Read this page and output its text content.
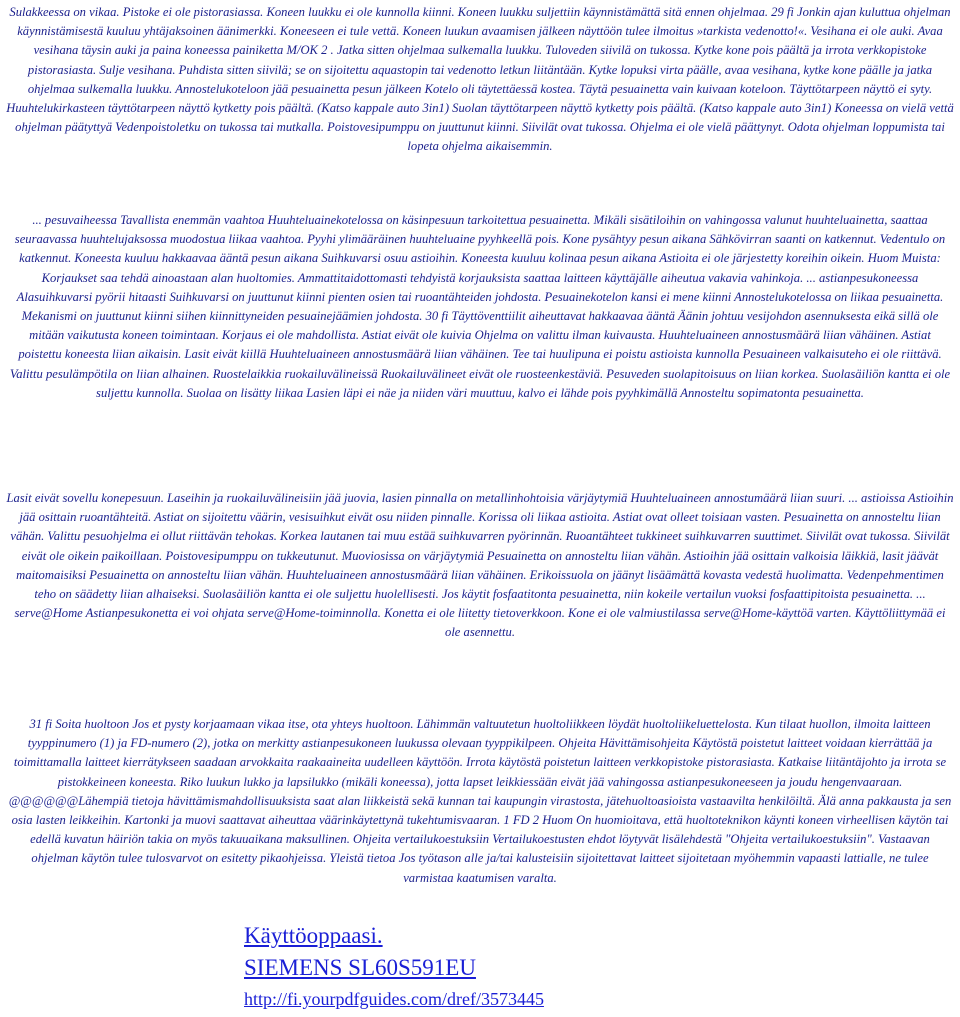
Sulakkeessa on vikaa. Pistoke ei ole pistorasiassa. Koneen luukku ei ole kunnolla kiinni. Koneen luukku suljettiin käynnistämättä sitä ennen ohjelmaa. 29 fi Jonkin ajan kuluttua ohjelman käynnistämisestä kuuluu yhtäjaksoinen äänimerkki. Koneeseen ei tule vettä. Koneen luukun avaamisen jälkeen näyttöön tulee ilmoitus »tarkista vedenotto!«. Vesihana ei ole auki. Avaa vesihana täysin auki ja paina koneessa painiketta M/OK 2 . Jatka sitten ohjelmaa sulkemalla luukku. Tuloveden siivilä on tukossa. Kytke kone pois päältä ja irrota verkkopistoke pistorasiasta. Sulje vesihana. Puhdista sitten siivilä; se on sijoitettu aquastopin tai vedenotto letkun liitäntään. Kytke lopuksi virta päälle, avaa vesihana, kytke kone päälle ja jatka ohjelmaa sulkemalla luukku. Annostelukoteloon jää pesuainetta pesun jälkeen Kotelo oli täytettäessä kostea. Täytä pesuainetta vain kuivaan koteloon. Täyttötarpeen näyttö ei syty. Huuhtelukirkasteen täyttötarpeen näyttö kytketty pois päältä. (Katso kappale auto 3in1) Suolan täyttötarpeen näyttö kytketty pois päältä. (Katso kappale auto 3in1) Koneessa on vielä vettä ohjelman päätyttyä Vedenpoistoletku on tukossa tai mutkalla. Poistovesipumppu on juuttunut kiinni. Siivilät ovat tukossa. Ohjelma ei ole vielä päättynyt. Odota ohjelman loppumista tai lopeta ohjelma aikaisemmin.

... pesuvaiheessa Tavallista enemmän vaahtoa Huuhteluainekotelossa on käsinpesuun tarkoitettua pesuainetta. Mikäli sisätiloihin on vahingossa valunut huuhteluainetta, saattaa seuraavassa huuhtelujaksossa muodostua liikaa vaahtoa. Pyyhi ylimääräinen huuhteluaine pyyhkeellä pois. Kone pysähtyy pesun aikana Sähkövirran saanti on katkennut. Vedentulo on katkennut. Koneesta kuuluu hakkaavaa ääntä pesun aikana Suihkuvarsi osuu astioihin. Koneesta kuuluu kolinaa pesun aikana Astioita ei ole järjestetty koreihin oikein. Huom Muista: Korjaukset saa tehdä ainoastaan alan huoltomies. Ammattitaidottomasti tehdyistä korjauksista saattaa laitteen käyttäjälle aiheutua vakavia vahinkoja. ... astianpesukoneessa Alasuihkuvarsi pyörii hitaasti Suihkuvarsi on juuttunut kiinni pienten osien tai ruoantähteiden johdosta. Pesuainekotelon kansi ei mene kiinni Annostelukotelossa on liikaa pesuainetta. Mekanismi on juuttunut kiinni siihen kiinnittyneiden pesuainejäämien johdosta. 30 fi Täyttöventtiilit aiheuttavat hakkaavaa ääntä Äänin johtuu vesijohdon asennuksesta eikä sillä ole mitään vaikutusta koneen toimintaan. Korjaus ei ole mahdollista. Astiat eivät ole kuivia Ohjelma on valittu ilman kuivausta. Huuhteluaineen annostusmäärä liian vähäinen. Astiat poistettu koneesta liian aikaisin. Lasit eivät kiillä Huuhteluaineen annostusmäärä liian vähäinen. Tee tai huulipuna ei poistu astioista kunnolla Pesuaineen valkaisuteho ei ole riittävä. Valittu pesulämpötila on liian alhainen. Ruostelaikkia ruokailuvälineissä Ruokailuvälineet eivät ole ruosteenkestäviä. Pesuveden suolapitoisuus on liian korkea. Suolasäiliön kantta ei ole suljettu kunnolla. Suolaa on lisätty liikaa Lasien läpi ei näe ja niiden väri muuttuu, kalvo ei lähde pois pyyhkimällä Annosteltu sopimatonta pesuainetta.

Lasit eivät sovellu konepesuun. Laseihin ja ruokailuvälineisiin jää juovia, lasien pinnalla on metallinhohtoisia värjäytymiä Huuhteluaineen annostumäärä liian suuri. ... astioissa Astioihin jää osittain ruoantähteitä. Astiat on sijoitettu väärin, vesisuihkut eivät osu niiden pinnalle. Korissa oli liikaa astioita. Astiat ovat olleet toisiaan vasten. Pesuainetta on annosteltu liian vähän. Valittu pesuohjelma ei ollut riittävän tehokas. Korkea lautanen tai muu estää suihkuvarren pyörinnän. Ruoantähteet tukkineet suihkuvarren suuttimet. Siivilät ovat tukossa. Siivilät eivät ole oikein paikoillaan. Poistovesipumppu on tukkeutunut. Muoviosissa on värjäytymiä Pesuainetta on annosteltu liian vähän. Astioihin jää osittain valkoisia läikkiä, lasit jäävät maitomaisiksi Pesuainetta on annosteltu liian vähän. Huuhteluaineen annostusmäärä liian vähäinen. Erikoissuola on jäänyt lisäämättä kovasta vedestä huolimatta. Vedenpehmentimen teho on säädetty liian alhaiseksi. Suolasäiliön kantta ei ole suljettu huolellisesti. Jos käytit fosfaatitonta pesuainetta, niin kokeile vertailun vuoksi fosfaattipitoista pesuainetta. ... serve@Home Astianpesukonetta ei voi ohjata serve@Home-toiminnolla. Konetta ei ole liitetty tietoverkkoon. Kone ei ole valmiustilassa serve@Home-käyttöä varten. Käyttöliittymää ei ole asennettu.

31 fi Soita huoltoon Jos et pysty korjaamaan vikaa itse, ota yhteys huoltoon. Lähimmän valtuutetun huoltoliikkeen löydät huoltoliikeluettelosta. Kun tilaat huollon, ilmoita laitteen tyyppinumero (1) ja FD-numero (2), jotka on merkitty astianpesukoneen luukussa olevaan tyyppikilpeen. Ohjeita Hävittämisohjeita Käytöstä poistetut laitteet voidaan kierrättää ja toimittamalla laitteet kierrätykseen saadaan arvokkaita raakaaineita uudelleen käyttöön. Irrota käytöstä poistetun laitteen verkkopistoke pistorasiasta. Katkaise liitäntäjohto ja irrota se pistokkeineen koneesta. Riko luukun lukko ja lapsilukko (mikäli koneessa), jotta lapset leikkiessään eivät jää vahingossa astianpesukoneeseen ja joudu hengenvaaraan. @@@@@@Lähempiä tietoja hävittämismahdollisuuksista saat alan liikkeistä sekä kunnan tai kaupungin virastosta, jätehuoltoasioista vastaavilta henkilöiltä. Älä anna pakkausta ja sen osia lasten leikkeihin. Kartonki ja muovi saattavat aiheuttaa väärinkäytettynä tukehtumisvaaran. 1 FD 2 Huom On huomioitava, että huoltoteknikon käynti koneen virheellisen käytön tai edellä kuvatun häiriön takia on myös takuuaikana maksullinen. Ohjeita vertailukoestuksiin Vertailukoestusten ehdot löytyvät lisälehdestä "Ohjeita vertailukoestuksiin". Vastaavan ohjelman käytön tulee tulosvarvot on esitetty pikaohjeissa. Yleistä tietoa Jos työtason alle ja/tai kalusteisiin sijoitettavat laitteet sijoitetaan myöhemmin vapaasti lattialle, ne tulee varmistaa kaatumisen varalta.

Käyttöoppaasi.
SIEMENS SL60S591EU
http://fi.yourpdfguides.com/dref/3573445
